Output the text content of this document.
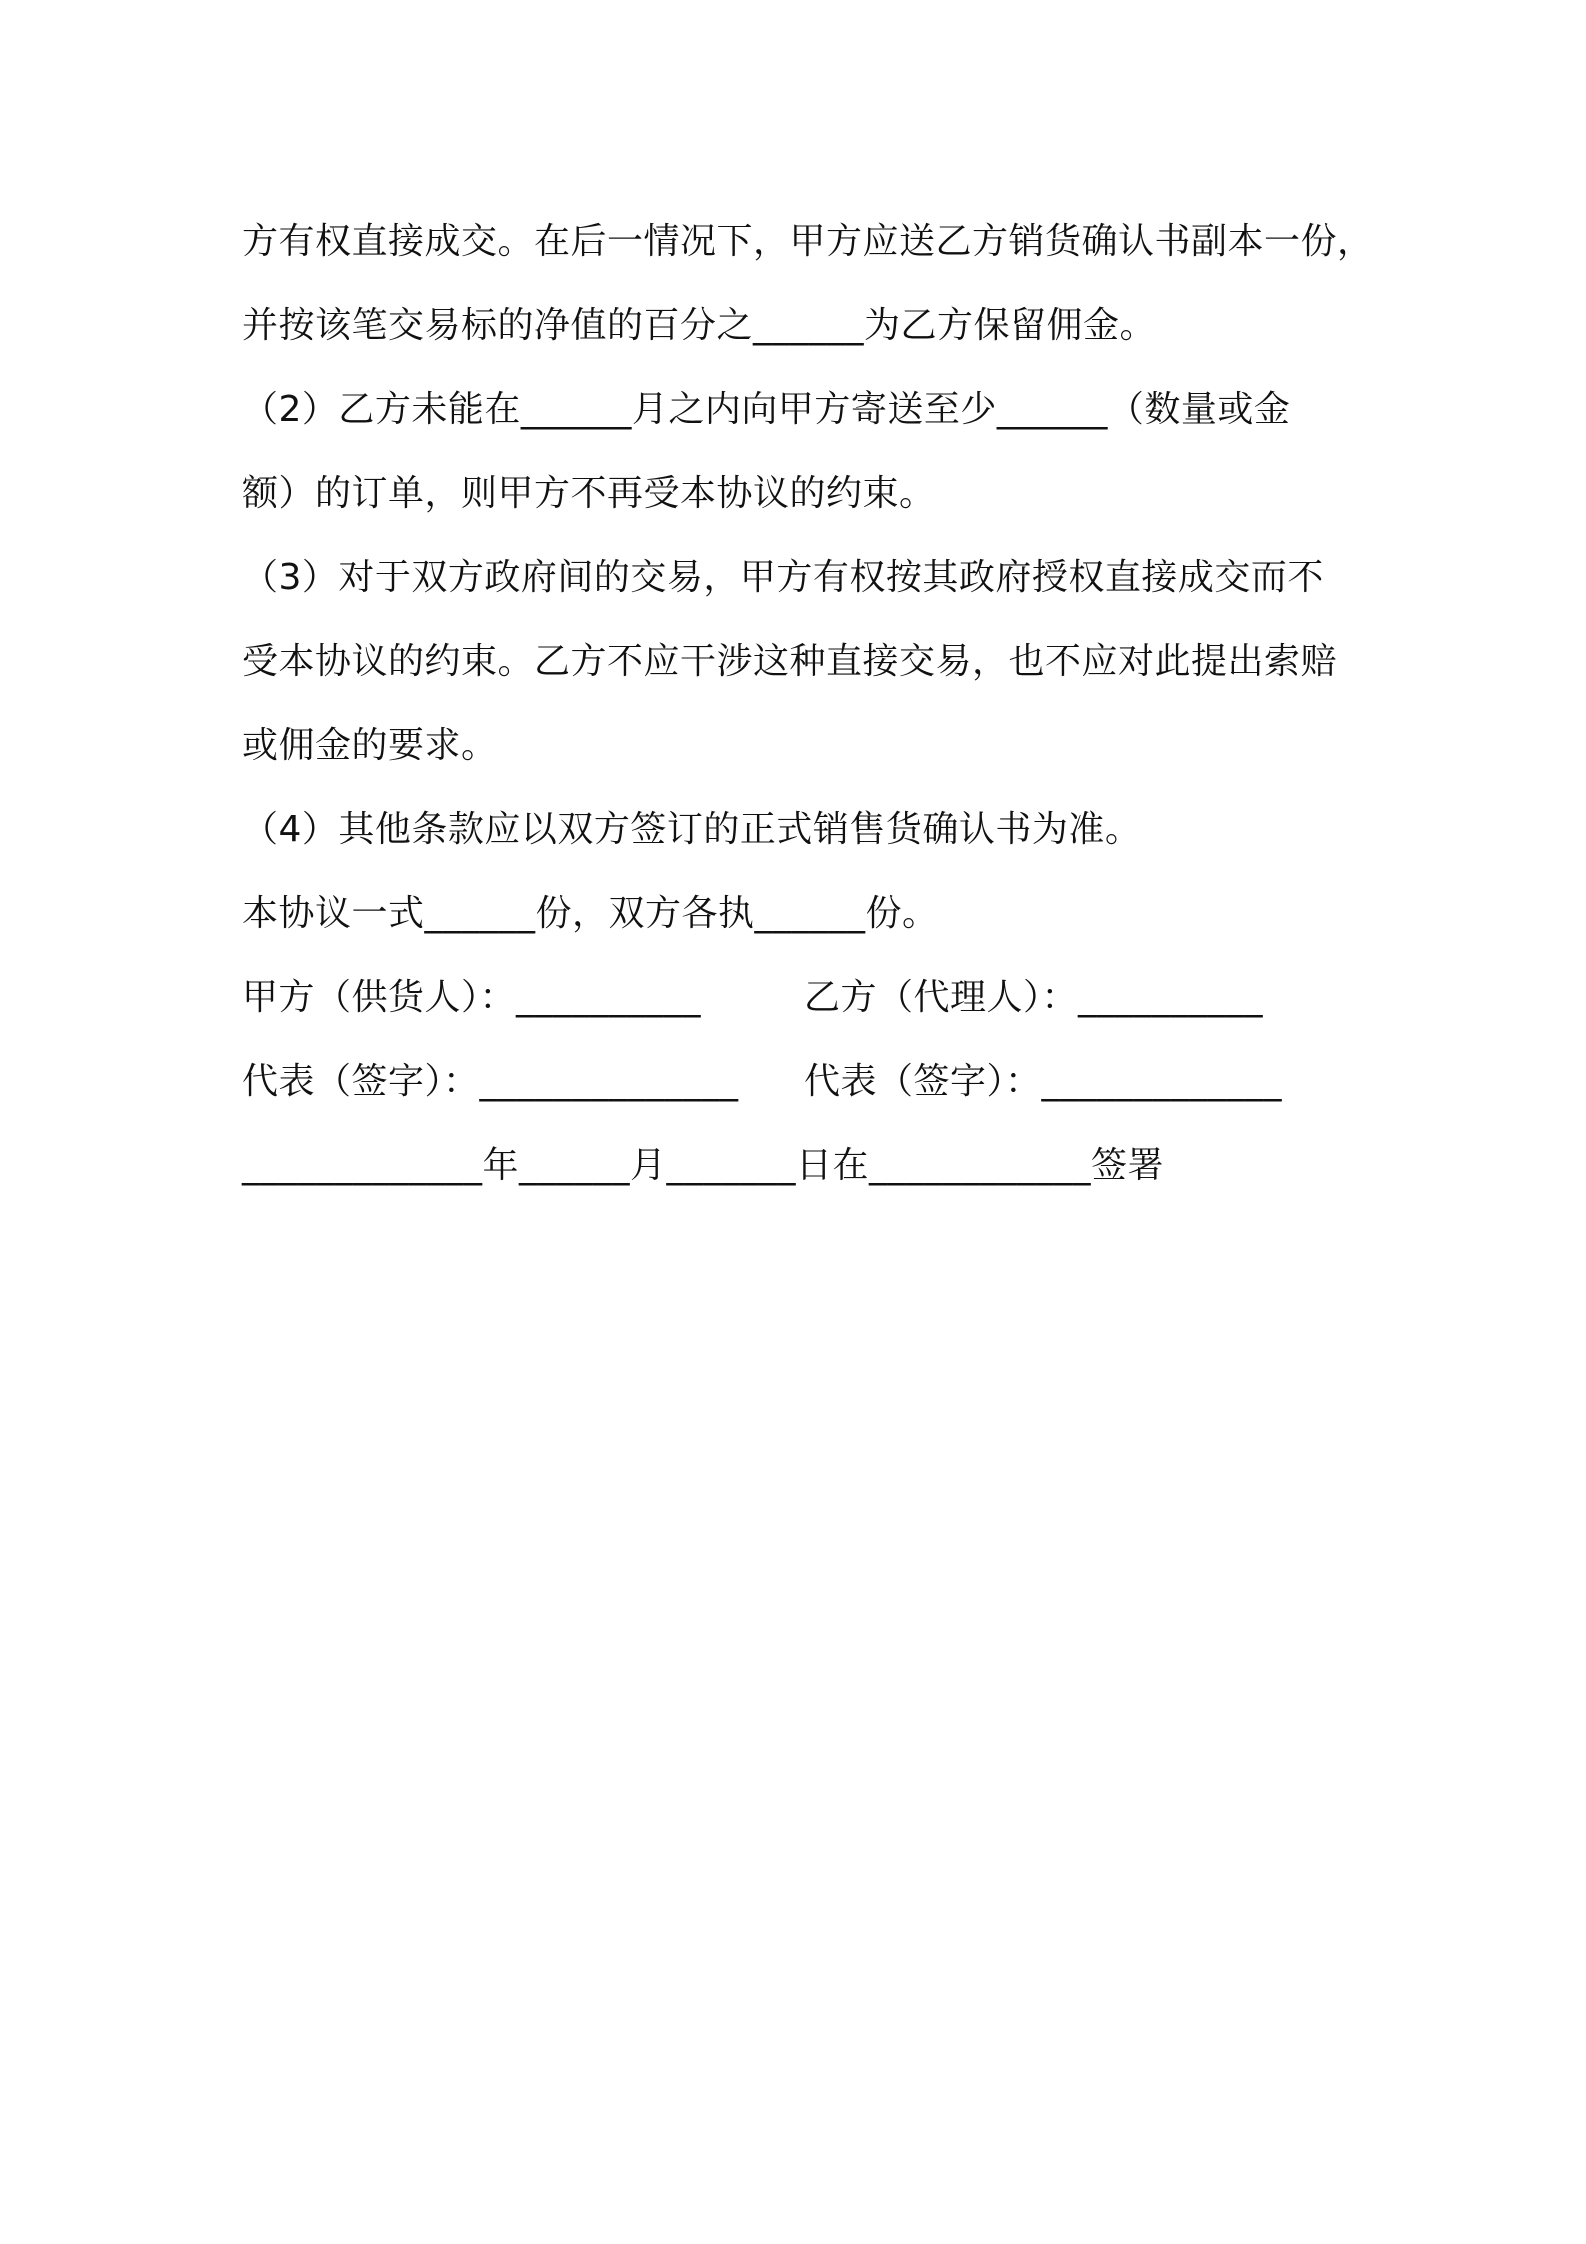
方有权直接成交。在后一情况下，甲方应送乙方销货确认书副本一份，
并按该笔交易标的净值的百分之______为乙方保留佣金。
（2）乙方未能在______月之内向甲方寄送至少______（数量或金
额）的订单，则甲方不再受本协议的约束。
（3）对于双方政府间的交易，甲方有权按其政府授权直接成交而不
受本协议的约束。乙方不应干涉这种直接交易，也不应对此提出索赔
或佣金的要求。
（4）其他条款应以双方签订的正式销售货确认书为准。
本协议一式______份，双方各执______份。

甲方（供货人）：__________

	乙方（代理人）：__________

代表（签字）：______________

代表（签字）：_____________

_____________年______月_______日在____________签署
